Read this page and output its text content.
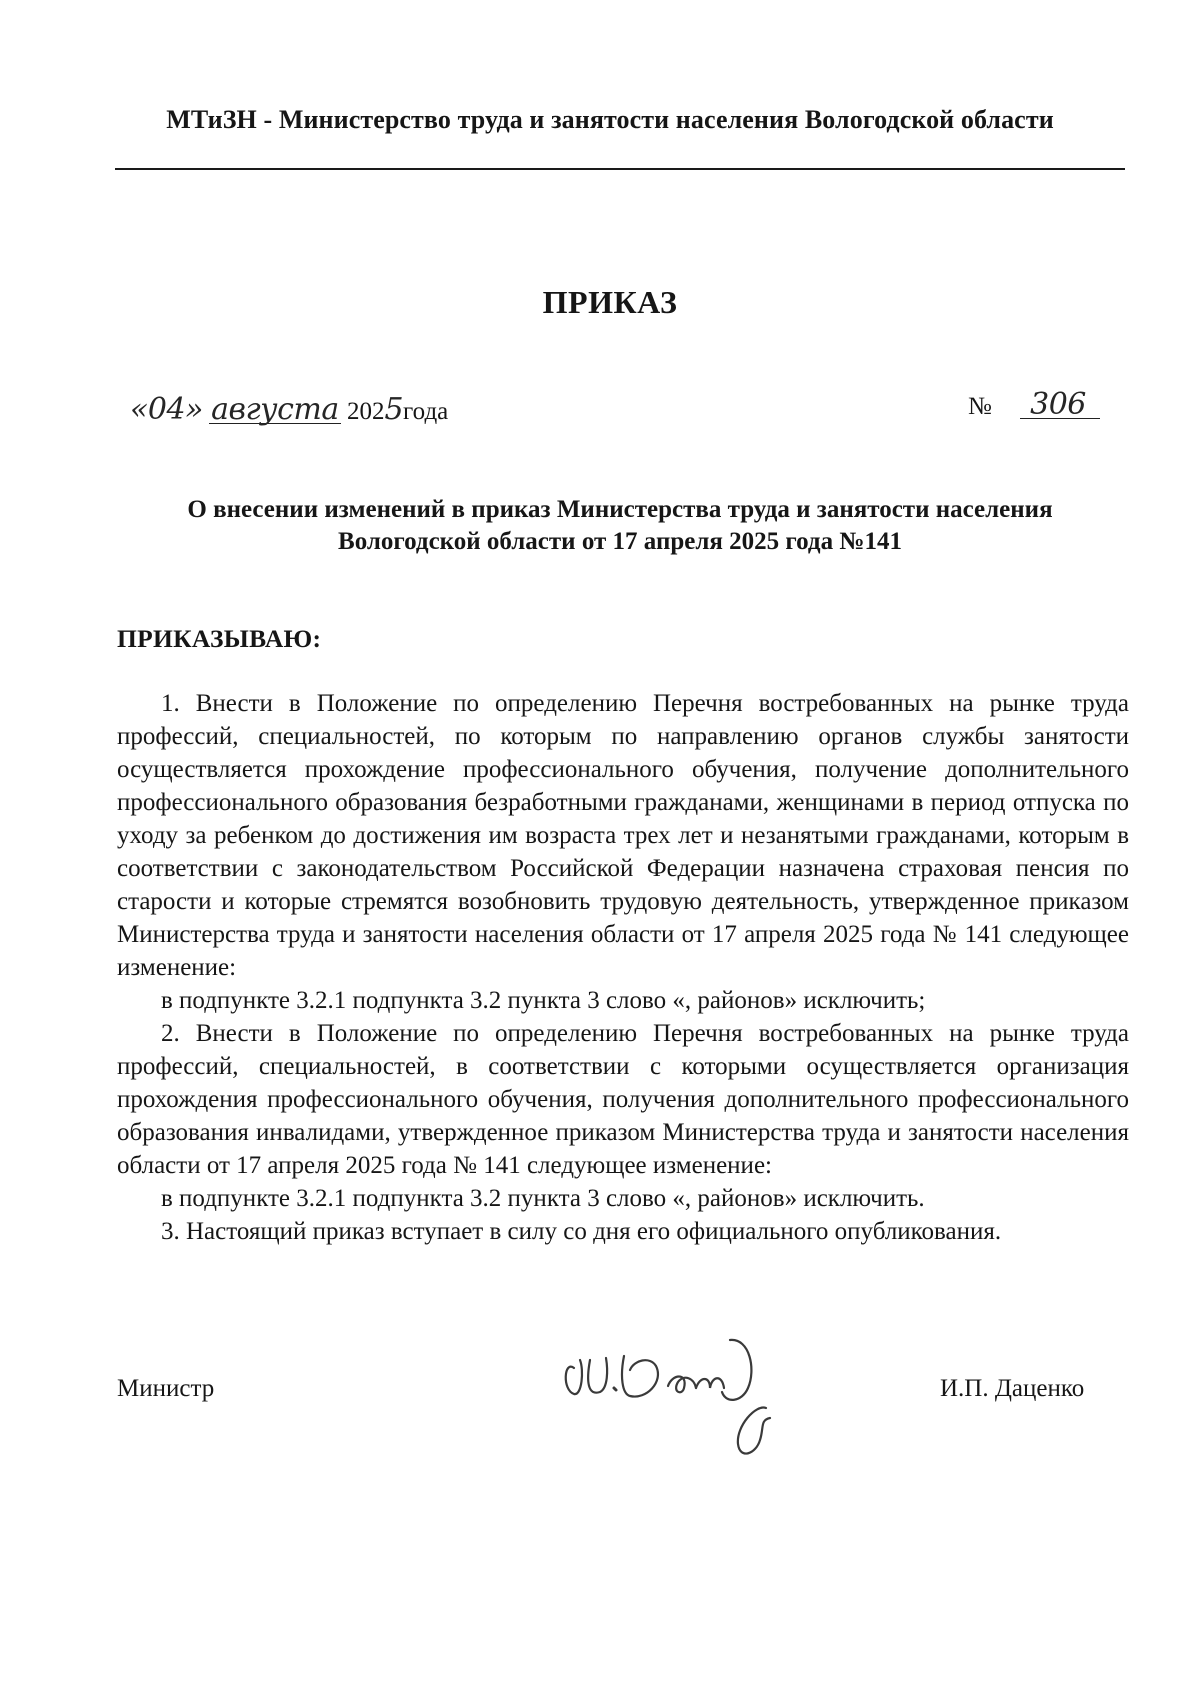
МТиЗН - Министерство труда и занятости населения Вологодской области
ПРИКАЗ
«04» августа 2025года	№ 306
О внесении изменений в приказ Министерства труда и занятости населения
Вологодской области от 17 апреля 2025 года №141
ПРИКАЗЫВАЮ:

1. Внести в Положение по определению Перечня востребованных на рынке труда профессий, специальностей, по которым по направлению органов службы занятости осуществляется прохождение профессионального обучения, получение дополнительного профессионального образования безработными гражданами, женщинами в период отпуска по уходу за ребенком до достижения им возраста трех лет и незанятыми гражданами, которым в соответствии с законодательством Российской Федерации назначена страховая пенсия по старости и которые стремятся возобновить трудовую деятельность, утвержденное приказом Министерства труда и занятости населения области от 17 апреля 2025 года № 141 следующее изменение:

в подпункте 3.2.1 подпункта 3.2 пункта 3 слово «, районов» исключить;

2. Внести в Положение по определению Перечня востребованных на рынке труда профессий, специальностей, в соответствии с которыми осуществляется организация прохождения профессионального обучения, получения дополнительного профессионального образования инвалидами, утвержденное приказом Министерства труда и занятости населения области от 17 апреля 2025 года № 141 следующее изменение:

в подпункте 3.2.1 подпункта 3.2 пункта 3 слово «, районов» исключить.

3. Настоящий приказ вступает в силу со дня его официального опубликования.

Министр	И.П. Даценко
